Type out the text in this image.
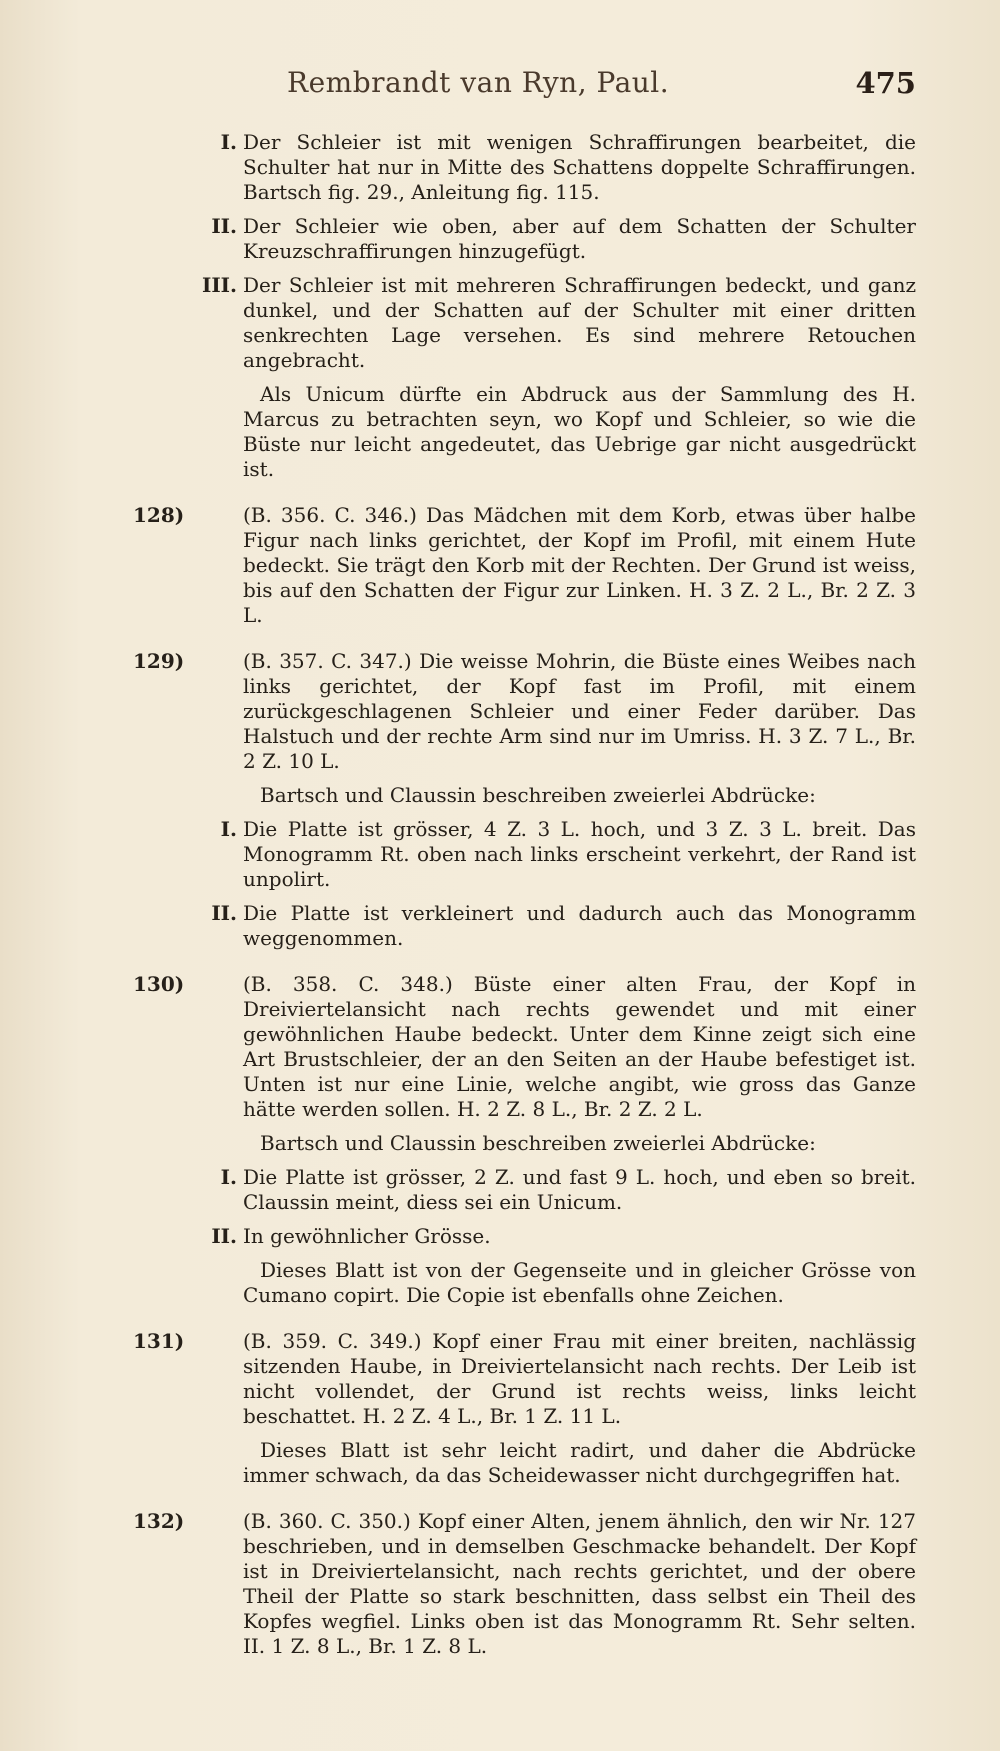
Rembrandt van Ryn, Paul.	475
I. Der Schleier ist mit wenigen Schraffirungen bearbeitet, die Schulter hat nur in Mitte des Schattens doppelte Schraffirungen. Bartsch fig. 29., Anleitung fig. 115.
II. Der Schleier wie oben, aber auf dem Schatten der Schulter Kreuzschraffirungen hinzugefügt.
III. Der Schleier ist mit mehreren Schraffirungen bedeckt, und ganz dunkel, und der Schatten auf der Schulter mit einer dritten senkrechten Lage versehen. Es sind mehrere Retouchen angebracht.
Als Unicum dürfte ein Abdruck aus der Sammlung des H. Marcus zu betrachten seyn, wo Kopf und Schleier, so wie die Büste nur leicht angedeutet, das Uebrige gar nicht ausgedrückt ist.
128)	(B. 356. C. 346.) Das Mädchen mit dem Korb, etwas über halbe Figur nach links gerichtet, der Kopf im Profil, mit einem Hute bedeckt. Sie trägt den Korb mit der Rechten. Der Grund ist weiss, bis auf den Schatten der Figur zur Linken. H. 3 Z. 2 L., Br. 2 Z. 3 L.
129)	(B. 357. C. 347.) Die weisse Mohrin, die Büste eines Weibes nach links gerichtet, der Kopf fast im Profil, mit einem zurückgeschlagenen Schleier und einer Feder darüber. Das Halstuch und der rechte Arm sind nur im Umriss. H. 3 Z. 7 L., Br. 2 Z. 10 L.
Bartsch und Claussin beschreiben zweierlei Abdrücke:
I. Die Platte ist grösser, 4 Z. 3 L. hoch, und 3 Z. 3 L. breit. Das Monogramm Rt. oben nach links erscheint verkehrt, der Rand ist unpolirt.
II. Die Platte ist verkleinert und dadurch auch das Monogramm weggenommen.
130)	(B. 358. C. 348.) Büste einer alten Frau, der Kopf in Dreiviertelansicht nach rechts gewendet und mit einer gewöhnlichen Haube bedeckt. Unter dem Kinne zeigt sich eine Art Brustschleier, der an den Seiten an der Haube befestiget ist. Unten ist nur eine Linie, welche angibt, wie gross das Ganze hätte werden sollen. H. 2 Z. 8 L., Br. 2 Z. 2 L.
Bartsch und Claussin beschreiben zweierlei Abdrücke:
I. Die Platte ist grösser, 2 Z. und fast 9 L. hoch, und eben so breit. Claussin meint, diess sei ein Unicum.
II. In gewöhnlicher Grösse.
Dieses Blatt ist von der Gegenseite und in gleicher Grösse von Cumano copirt. Die Copie ist ebenfalls ohne Zeichen.
131)	(B. 359. C. 349.) Kopf einer Frau mit einer breiten, nachlässig sitzenden Haube, in Dreiviertelansicht nach rechts. Der Leib ist nicht vollendet, der Grund ist rechts weiss, links leicht beschattet. H. 2 Z. 4 L., Br. 1 Z. 11 L.
Dieses Blatt ist sehr leicht radirt, und daher die Abdrücke immer schwach, da das Scheidewasser nicht durchgegriffen hat.
132)	(B. 360. C. 350.) Kopf einer Alten, jenem ähnlich, den wir Nr. 127 beschrieben, und in demselben Geschmacke behandelt. Der Kopf ist in Dreiviertelansicht, nach rechts gerichtet, und der obere Theil der Platte so stark beschnitten, dass selbst ein Theil des Kopfes wegfiel. Links oben ist das Monogramm Rt. Sehr selten. II. 1 Z. 8 L., Br. 1 Z. 8 L.
